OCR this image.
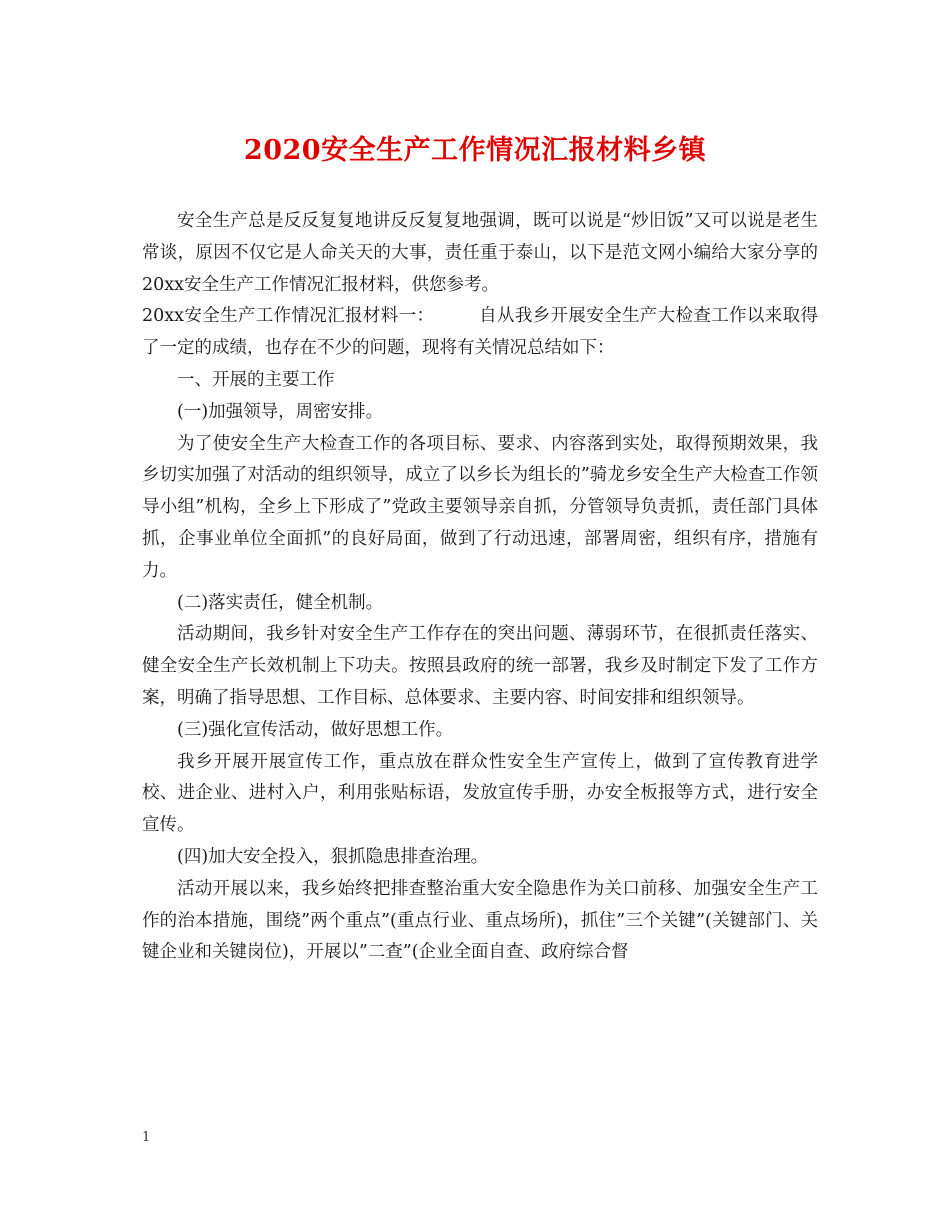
2020安全生产工作情况汇报材料乡镇

安全生产总是反反复复地讲反反复复地强调，既可以说是“炒旧饭”又可以说是老生常谈，原因不仅它是人命关天的大事，责任重于泰山，以下是范文网小编给大家分享的20xx安全生产工作情况汇报材料，供您参考。

20xx安全生产工作情况汇报材料一：　　　自从我乡开展安全生产大检查工作以来取得了一定的成绩，也存在不少的问题，现将有关情况总结如下：

一、开展的主要工作

(一)加强领导，周密安排。

为了使安全生产大检查工作的各项目标、要求、内容落到实处，取得预期效果，我乡切实加强了对活动的组织领导，成立了以乡长为组长的”骑龙乡安全生产大检查工作领导小组”机构，全乡上下形成了”党政主要领导亲自抓，分管领导负责抓，责任部门具体抓，企事业单位全面抓”的良好局面，做到了行动迅速，部署周密，组织有序，措施有力。

(二)落实责任，健全机制。

活动期间，我乡针对安全生产工作存在的突出问题、薄弱环节，在很抓责任落实、健全安全生产长效机制上下功夫。按照县政府的统一部署，我乡及时制定下发了工作方案，明确了指导思想、工作目标、总体要求、主要内容、时间安排和组织领导。

(三)强化宣传活动，做好思想工作。

我乡开展开展宣传工作，重点放在群众性安全生产宣传上，做到了宣传教育进学校、进企业、进村入户，利用张贴标语，发放宣传手册，办安全板报等方式，进行安全宣传。

(四)加大安全投入，狠抓隐患排查治理。

活动开展以来，我乡始终把排查整治重大安全隐患作为关口前移、加强安全生产工作的治本措施，围绕”两个重点”(重点行业、重点场所)，抓住”三个关键”(关键部门、关键企业和关键岗位)，开展以”二查”(企业全面自查、政府综合督

1
